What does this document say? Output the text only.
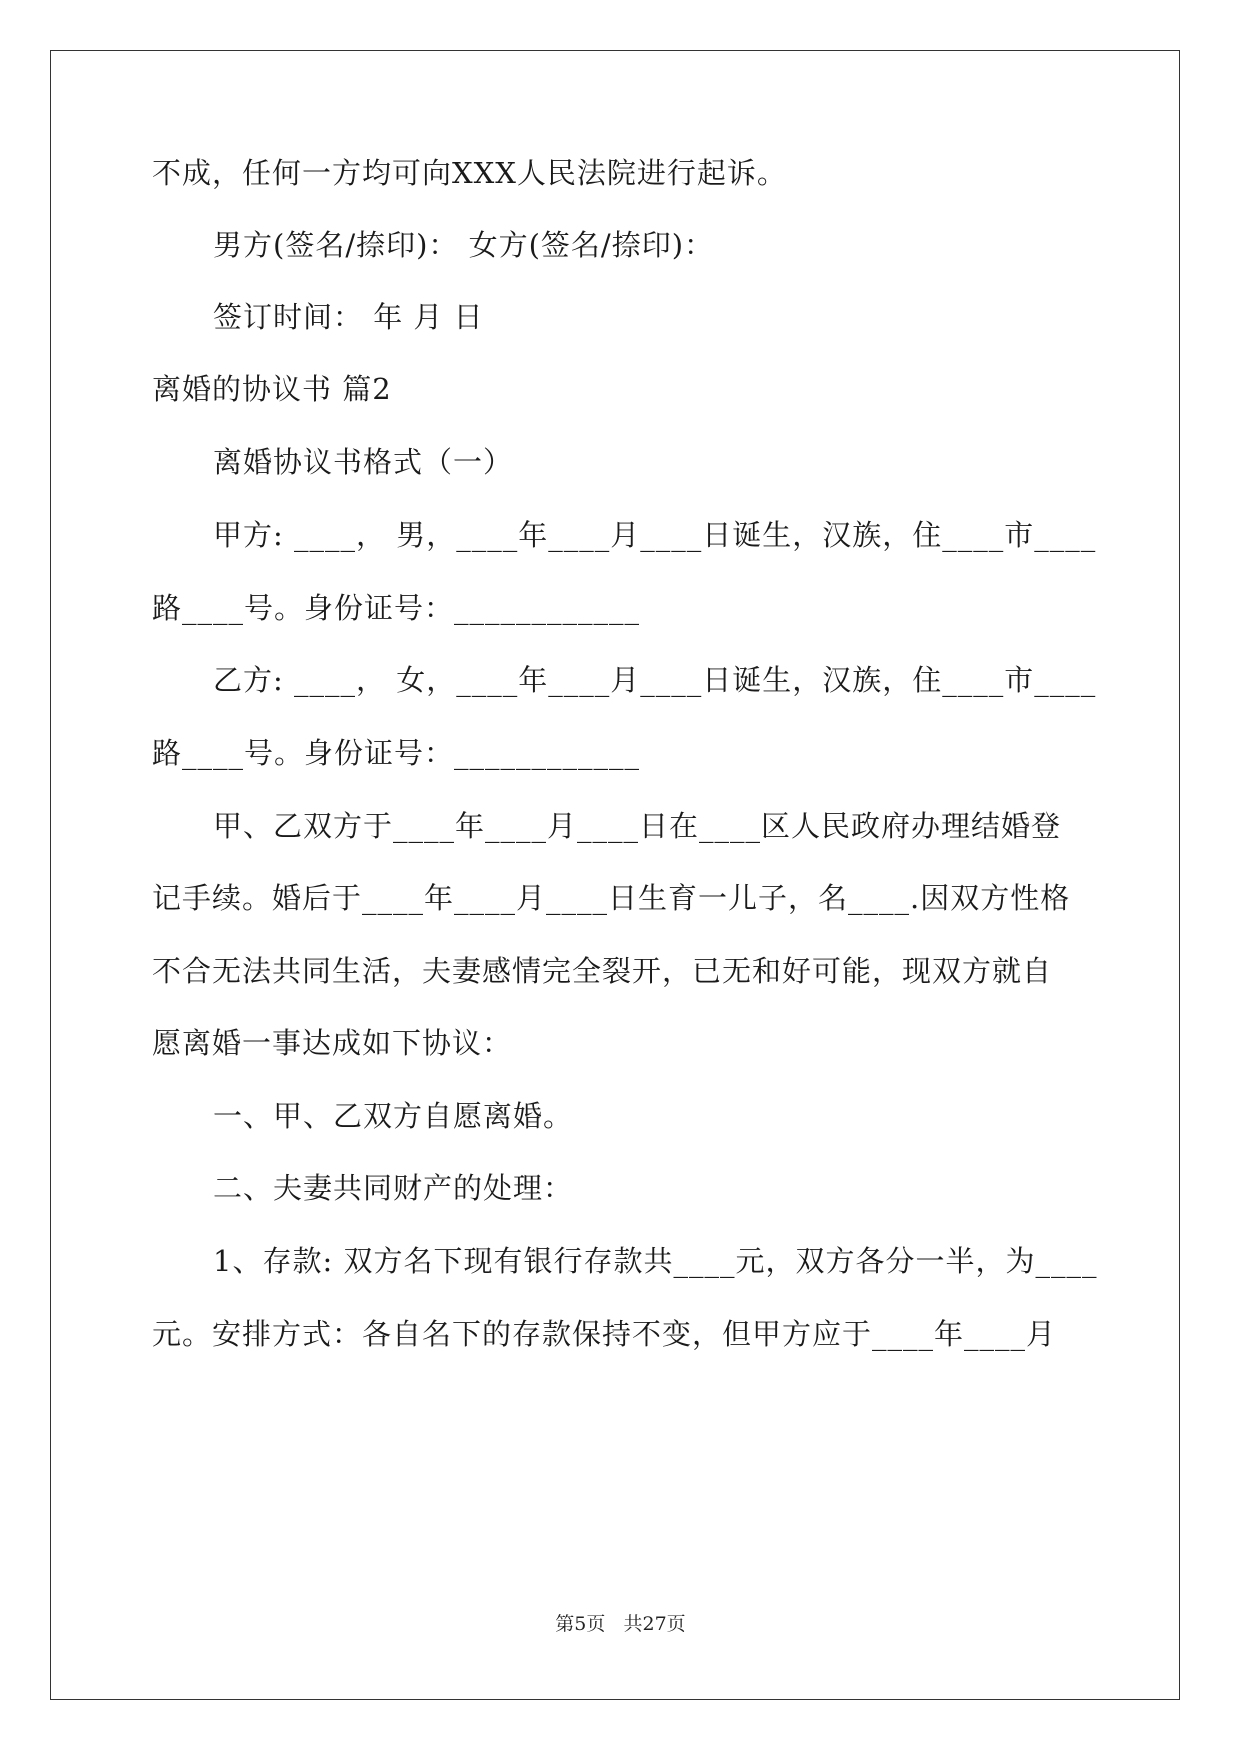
不成，任何一方均可向XXX人民法院进行起诉。
男方(签名/捺印)： 女方(签名/捺印)：
签订时间： 年 月 日
离婚的协议书 篇2
离婚协议书格式（一）
甲方: ____， 男，____年____月____日诞生，汉族，住____市____
路____号。身份证号：____________
乙方: ____， 女，____年____月____日诞生，汉族，住____市____
路____号。身份证号：____________
甲、乙双方于____年____月____日在____区人民政府办理结婚登
记手续。婚后于____年____月____日生育一儿子，名____.因双方性格
不合无法共同生活，夫妻感情完全裂开，已无和好可能，现双方就自
愿离婚一事达成如下协议：
一、甲、乙双方自愿离婚。
二、夫妻共同财产的处理：
1、存款: 双方名下现有银行存款共____元，双方各分一半，为____
元。安排方式：各自名下的存款保持不变，但甲方应于____年____月
第5页   共27页
